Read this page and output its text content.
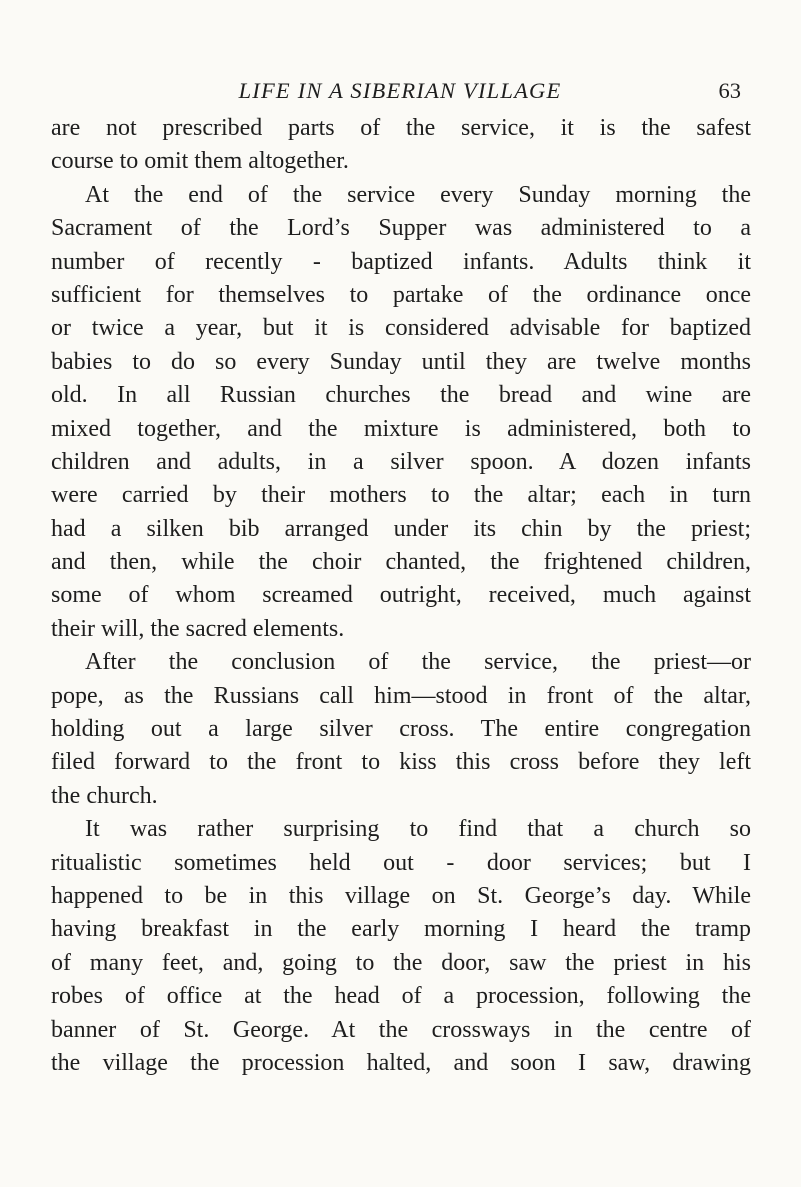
LIFE IN A SIBERIAN VILLAGE	63
are not prescribed parts of the service, it is the safest
course to omit them altogether.
At the end of the service every Sunday morning the
Sacrament of the Lord’s Supper was administered to a
number of recently - baptized infants. Adults think it
sufficient for themselves to partake of the ordinance once
or twice a year, but it is considered advisable for baptized
babies to do so every Sunday until they are twelve months
old. In all Russian churches the bread and wine are
mixed together, and the mixture is administered, both to
children and adults, in a silver spoon. A dozen infants
were carried by their mothers to the altar; each in turn
had a silken bib arranged under its chin by the priest;
and then, while the choir chanted, the frightened children,
some of whom screamed outright, received, much against
their will, the sacred elements.
After the conclusion of the service, the priest—or
pope, as the Russians call him—stood in front of the altar,
holding out a large silver cross. The entire congregation
filed forward to the front to kiss this cross before they left
the church.
It was rather surprising to find that a church so
ritualistic sometimes held out - door services; but I
happened to be in this village on St. George’s day. While
having breakfast in the early morning I heard the tramp
of many feet, and, going to the door, saw the priest in his
robes of office at the head of a procession, following the
banner of St. George. At the crossways in the centre of
the village the procession halted, and soon I saw, drawing
